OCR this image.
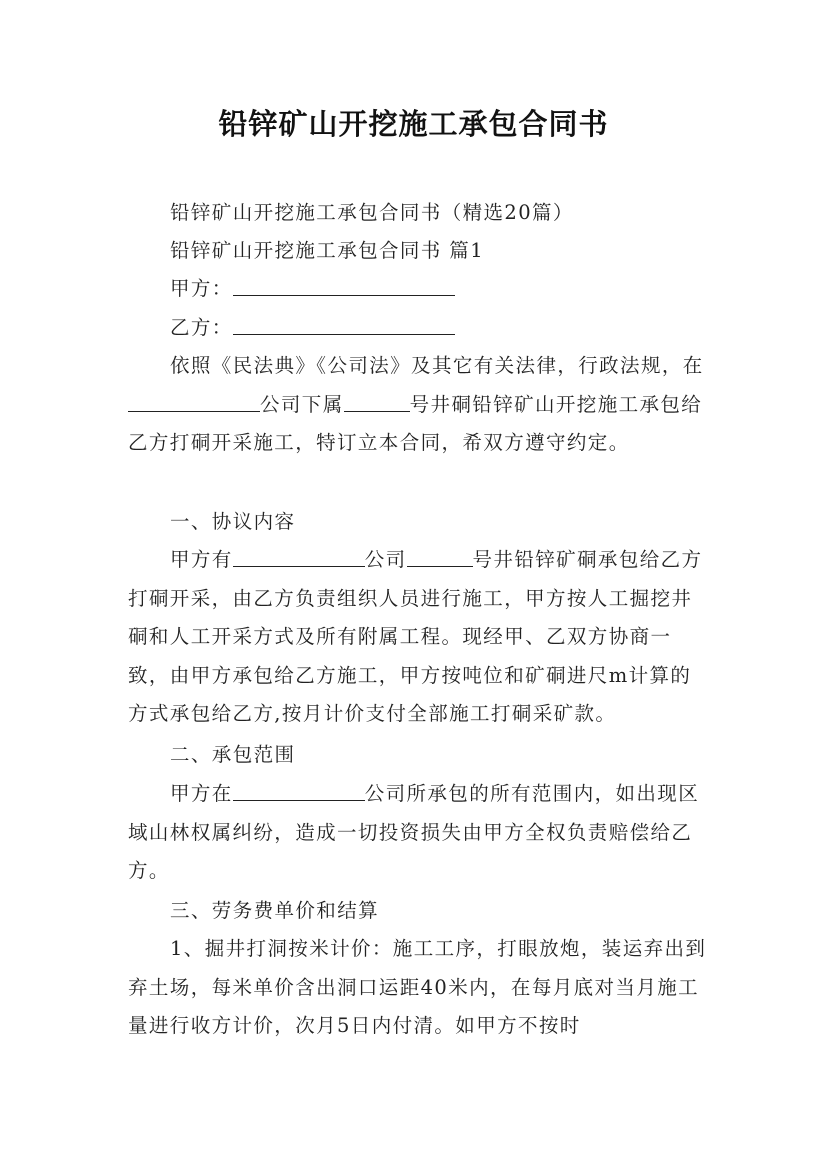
铅锌矿山开挖施工承包合同书
铅锌矿山开挖施工承包合同书（精选20篇）
铅锌矿山开挖施工承包合同书 篇1
甲方：
乙方：
依照《民法典》《公司法》及其它有关法律，行政法规，在公司下属	号井硐铅锌矿山开挖施工承包给乙方打硐开采施工，特订立本合同，希双方遵守约定。
一、协议内容
甲方有	公司	号井铅锌矿硐承包给乙方打硐开采，由乙方负责组织人员进行施工，甲方按人工掘挖井硐和人工开采方式及所有附属工程。现经甲、乙双方协商一致，由甲方承包给乙方施工，甲方按吨位和矿硐进尺m计算的方式承包给乙方,按月计价支付全部施工打硐采矿款。
二、承包范围
甲方在	公司所承包的所有范围内，如出现区域山林权属纠纷，造成一切投资损失由甲方全权负责赔偿给乙方。
三、劳务费单价和结算
1、掘井打洞按米计价：施工工序，打眼放炮，装运弃出到弃土场，每米单价含出洞口运距40米内，在每月底对当月施工量进行收方计价，次月5日内付清。如甲方不按时
